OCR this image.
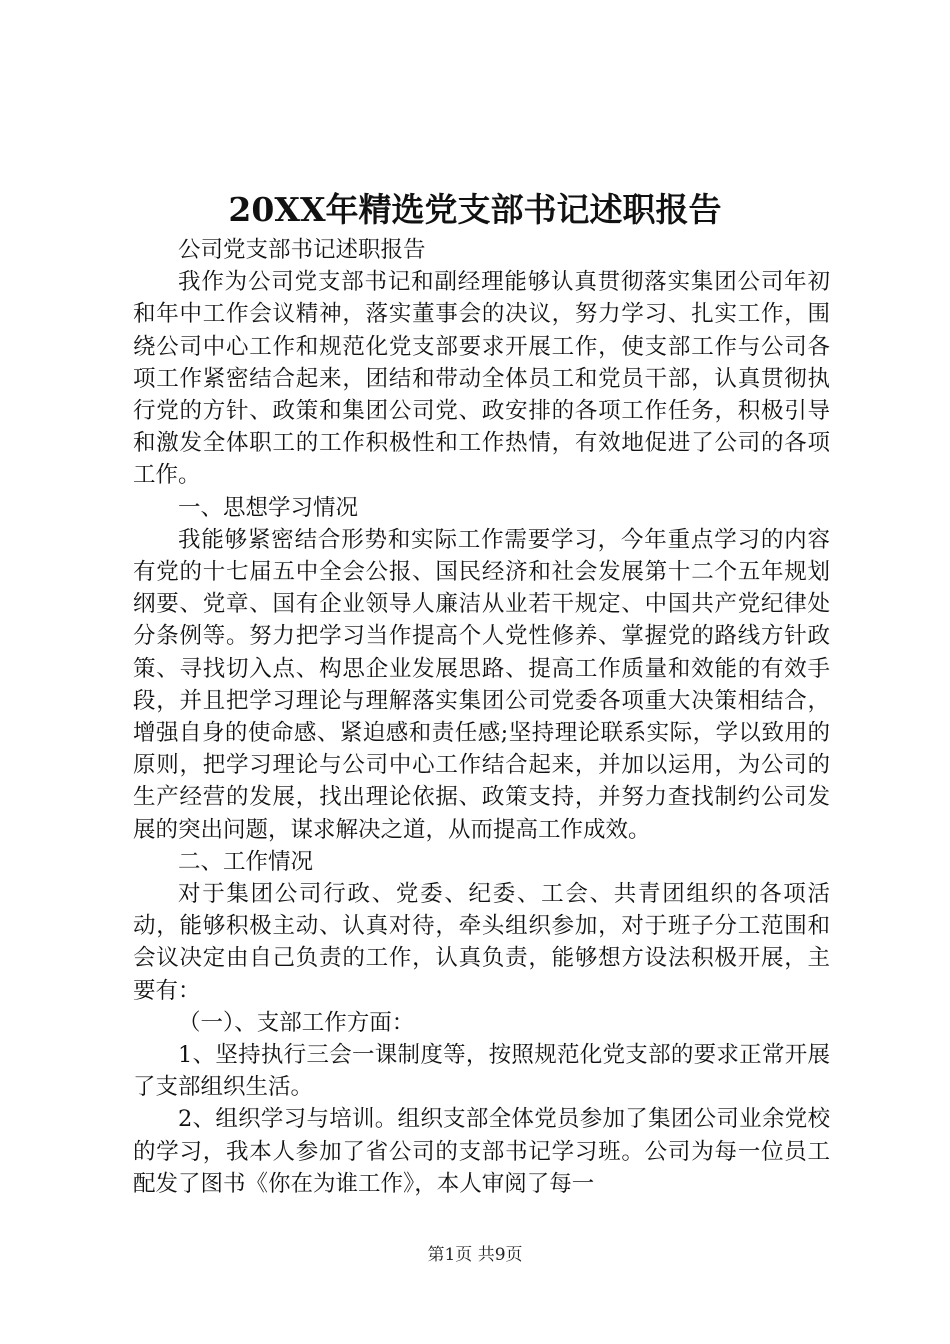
20XX年精选党支部书记述职报告

公司党支部书记述职报告

我作为公司党支部书记和副经理能够认真贯彻落实集团公司年初和年中工作会议精神，落实董事会的决议，努力学习、扎实工作，围绕公司中心工作和规范化党支部要求开展工作，使支部工作与公司各项工作紧密结合起来，团结和带动全体员工和党员干部，认真贯彻执行党的方针、政策和集团公司党、政安排的各项工作任务，积极引导和激发全体职工的工作积极性和工作热情，有效地促进了公司的各项工作。

一、思想学习情况

我能够紧密结合形势和实际工作需要学习，今年重点学习的内容有党的十七届五中全会公报、国民经济和社会发展第十二个五年规划纲要、党章、国有企业领导人廉洁从业若干规定、中国共产党纪律处分条例等。努力把学习当作提高个人党性修养、掌握党的路线方针政策、寻找切入点、构思企业发展思路、提高工作质量和效能的有效手段，并且把学习理论与理解落实集团公司党委各项重大决策相结合，增强自身的使命感、紧迫感和责任感;坚持理论联系实际，学以致用的原则，把学习理论与公司中心工作结合起来，并加以运用，为公司的生产经营的发展，找出理论依据、政策支持，并努力查找制约公司发展的突出问题，谋求解决之道，从而提高工作成效。

二、工作情况

对于集团公司行政、党委、纪委、工会、共青团组织的各项活动，能够积极主动、认真对待，牵头组织参加，对于班子分工范围和会议决定由自己负责的工作，认真负责，能够想方设法积极开展，主要有：

（一）、支部工作方面：

1、坚持执行三会一课制度等，按照规范化党支部的要求正常开展了支部组织生活。

2、组织学习与培训。组织支部全体党员参加了集团公司业余党校的学习，我本人参加了省公司的支部书记学习班。公司为每一位员工配发了图书《你在为谁工作》，本人审阅了每一

第1页 共9页
